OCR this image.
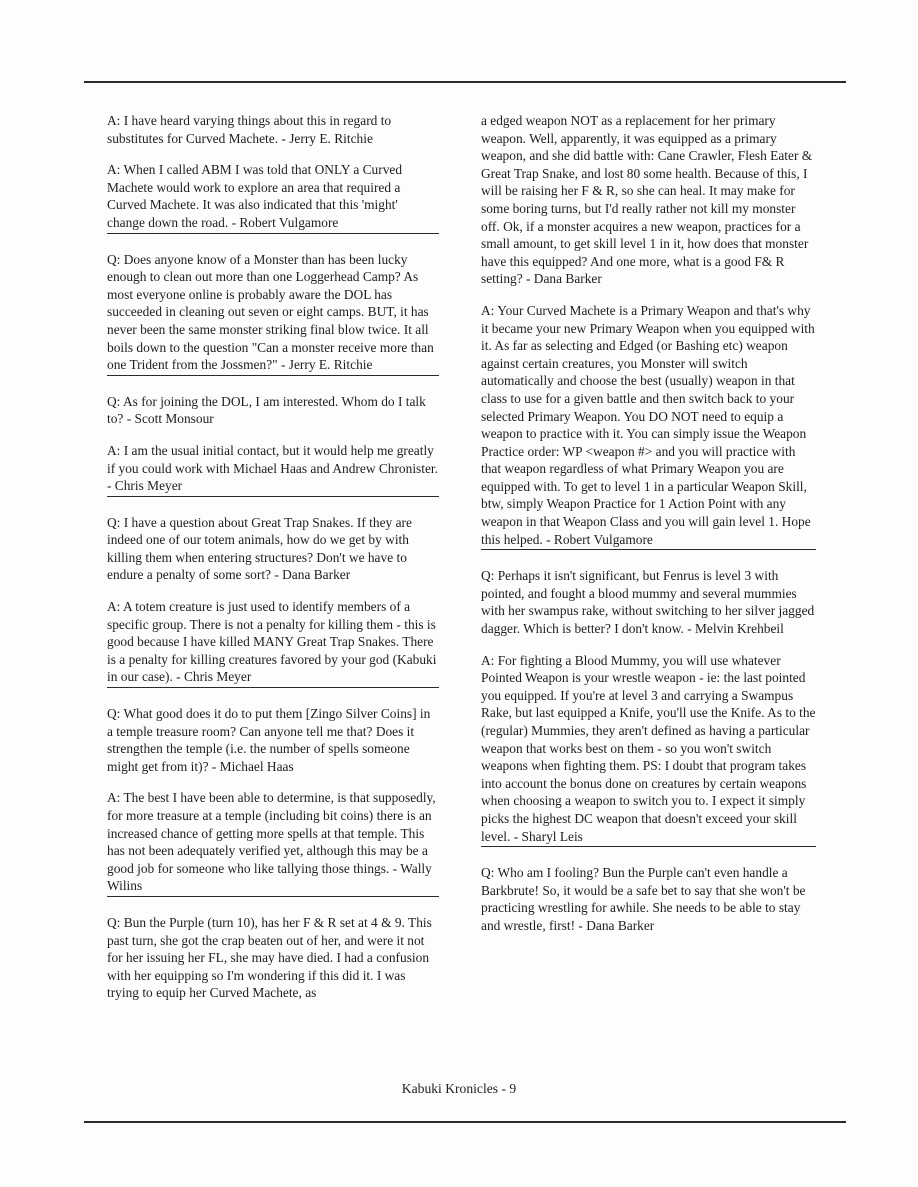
A: I have heard varying things about this in regard to substitutes for Curved Machete. - Jerry E. Ritchie

A: When I called ABM I was told that ONLY a Curved Machete would work to explore an area that required a Curved Machete. It was also indicated that this 'might' change down the road. - Robert Vulgamore

Q: Does anyone know of a Monster than has been lucky enough to clean out more than one Loggerhead Camp? As most everyone online is probably aware the DOL has succeeded in cleaning out seven or eight camps. BUT, it has never been the same monster striking final blow twice. It all boils down to the question "Can a monster receive more than one Trident from the Jossmen?" - Jerry E. Ritchie

Q: As for joining the DOL, I am interested. Whom do I talk to? - Scott Monsour

A: I am the usual initial contact, but it would help me greatly if you could work with Michael Haas and Andrew Chronister. - Chris Meyer

Q: I have a question about Great Trap Snakes. If they are indeed one of our totem animals, how do we get by with killing them when entering structures? Don't we have to endure a penalty of some sort? - Dana Barker

A: A totem creature is just used to identify members of a specific group. There is not a penalty for killing them - this is good because I have killed MANY Great Trap Snakes. There is a penalty for killing creatures favored by your god (Kabuki in our case). - Chris Meyer

Q: What good does it do to put them [Zingo Silver Coins] in a temple treasure room? Can anyone tell me that? Does it strengthen the temple (i.e. the number of spells someone might get from it)? - Michael Haas

A: The best I have been able to determine, is that supposedly, for more treasure at a temple (including bit coins) there is an increased chance of getting more spells at that temple. This has not been adequately verified yet, although this may be a good job for someone who like tallying those things. - Wally Wilins

Q: Bun the Purple (turn 10), has her F & R set at 4 & 9. This past turn, she got the crap beaten out of her, and were it not for her issuing her FL, she may have died. I had a confusion with her equipping so I'm wondering if this did it. I was trying to equip her Curved Machete, as

a edged weapon NOT as a replacement for her primary weapon. Well, apparently, it was equipped as a primary weapon, and she did battle with: Cane Crawler, Flesh Eater & Great Trap Snake, and lost 80 some health. Because of this, I will be raising her F & R, so she can heal. It may make for some boring turns, but I'd really rather not kill my monster off. Ok, if a monster acquires a new weapon, practices for a small amount, to get skill level 1 in it, how does that monster have this equipped? And one more, what is a good F& R setting? - Dana Barker

A: Your Curved Machete is a Primary Weapon and that's why it became your new Primary Weapon when you equipped with it. As far as selecting and Edged (or Bashing etc) weapon against certain creatures, you Monster will switch automatically and choose the best (usually) weapon in that class to use for a given battle and then switch back to your selected Primary Weapon. You DO NOT need to equip a weapon to practice with it. You can simply issue the Weapon Practice order: WP <weapon #> and you will practice with that weapon regardless of what Primary Weapon you are equipped with. To get to level 1 in a particular Weapon Skill, btw, simply Weapon Practice for 1 Action Point with any weapon in that Weapon Class and you will gain level 1. Hope this helped. - Robert Vulgamore

Q: Perhaps it isn't significant, but Fenrus is level 3 with pointed, and fought a blood mummy and several mummies with her swampus rake, without switching to her silver jagged dagger. Which is better? I don't know. - Melvin Krehbeil

A: For fighting a Blood Mummy, you will use whatever Pointed Weapon is your wrestle weapon - ie: the last pointed you equipped. If you're at level 3 and carrying a Swampus Rake, but last equipped a Knife, you'll use the Knife. As to the (regular) Mummies, they aren't defined as having a particular weapon that works best on them - so you won't switch weapons when fighting them. PS: I doubt that program takes into account the bonus done on creatures by certain weapons when choosing a weapon to switch you to. I expect it simply picks the highest DC weapon that doesn't exceed your skill level. - Sharyl Leis

Q: Who am I fooling? Bun the Purple can't even handle a Barkbrute! So, it would be a safe bet to say that she won't be practicing wrestling for awhile. She needs to be able to stay and wrestle, first! - Dana Barker

Kabuki Kronicles - 9
